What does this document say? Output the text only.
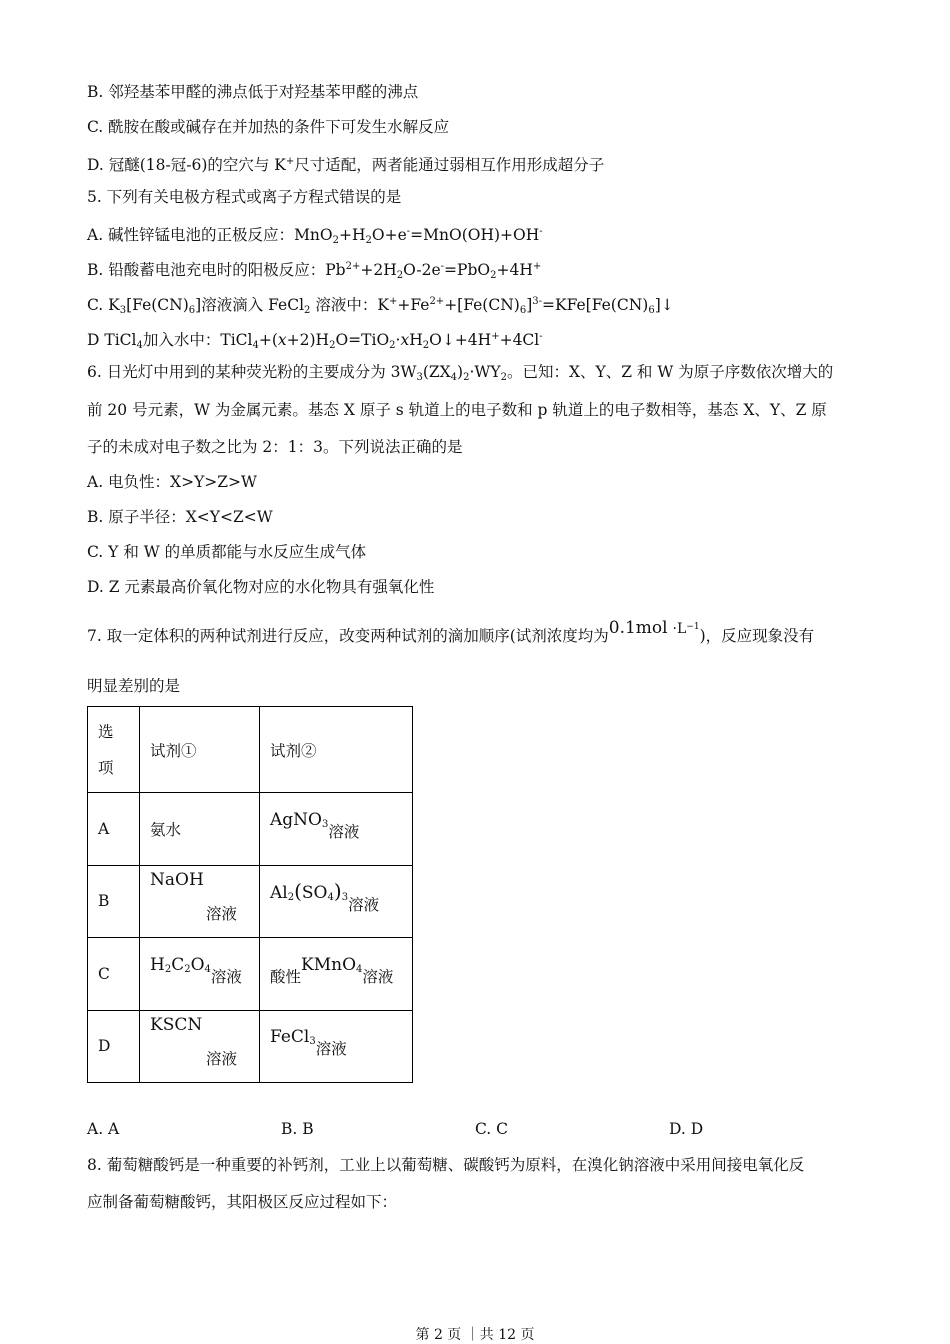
B. 邻羟基苯甲醛的沸点低于对羟基苯甲醛的沸点
C. 酰胺在酸或碱存在并加热的条件下可发生水解反应
D. 冠醚(18-冠-6)的空穴与 K+尺寸适配，两者能通过弱相互作用形成超分子
5. 下列有关电极方程式或离子方程式错误的是
A. 碱性锌锰电池的正极反应：$MnO_2+H_2O+e^-=MnO(OH)+OH^-$
B. 铅酸蓄电池充电时的阳极反应：$Pb^{2+}+2H_2O-2e^-=PbO_2+4H^+$
C. $K_3[Fe(CN)_6]$溶液滴入 FeCl$_2$ 溶液中：$K^++Fe^{2+}+[Fe(CN)_6]^{3-}=KFe[Fe(CN)_6]↓$
D TiCl$_4$加入水中：$TiCl_4+(x+2)H_2O=TiO_2\cdot xH_2O↓+4H^++4Cl^-$
6. 日光灯中用到的某种荧光粉的主要成分为 $3W_3(ZX_4)_2\cdot WY_2$。已知：X、Y、Z 和 W 为原子序数依次增大的
前 20 号元素，W 为金属元素。基态 X 原子 s 轨道上的电子数和 p 轨道上的电子数相等，基态 X、Y、Z 原
子的未成对电子数之比为 2：1：3。下列说法正确的是
A. 电负性：X>Y>Z>W
B. 原子半径：X<Y<Z<W
C. Y 和 W 的单质都能与水反应生成气体
D. Z 元素最高价氧化物对应的水化物具有强氧化性
7. 取一定体积的两种试剂进行反应，改变两种试剂的滴加顺序(试剂浓度均为$0.1mol \cdot L^{-1}$)，反应现象没有
明显差别的是
选
项	试剂①	试剂②
A	氨水	AgNO$_3$溶液
B	NaOH
溶液	$Al_2(SO_4)_3$溶液
C	$H_2C_2O_4$溶液	酸性KMnO$_4$溶液
D	KSCN
溶液	FeCl$_3$溶液
A. A	B. B	C. C	D. D
8. 葡萄糖酸钙是一种重要的补钙剂，工业上以葡萄糖、碳酸钙为原料，在溴化钠溶液中采用间接电氧化反
应制备葡萄糖酸钙，其阳极区反应过程如下：
第 2 页 ｜共 12 页
